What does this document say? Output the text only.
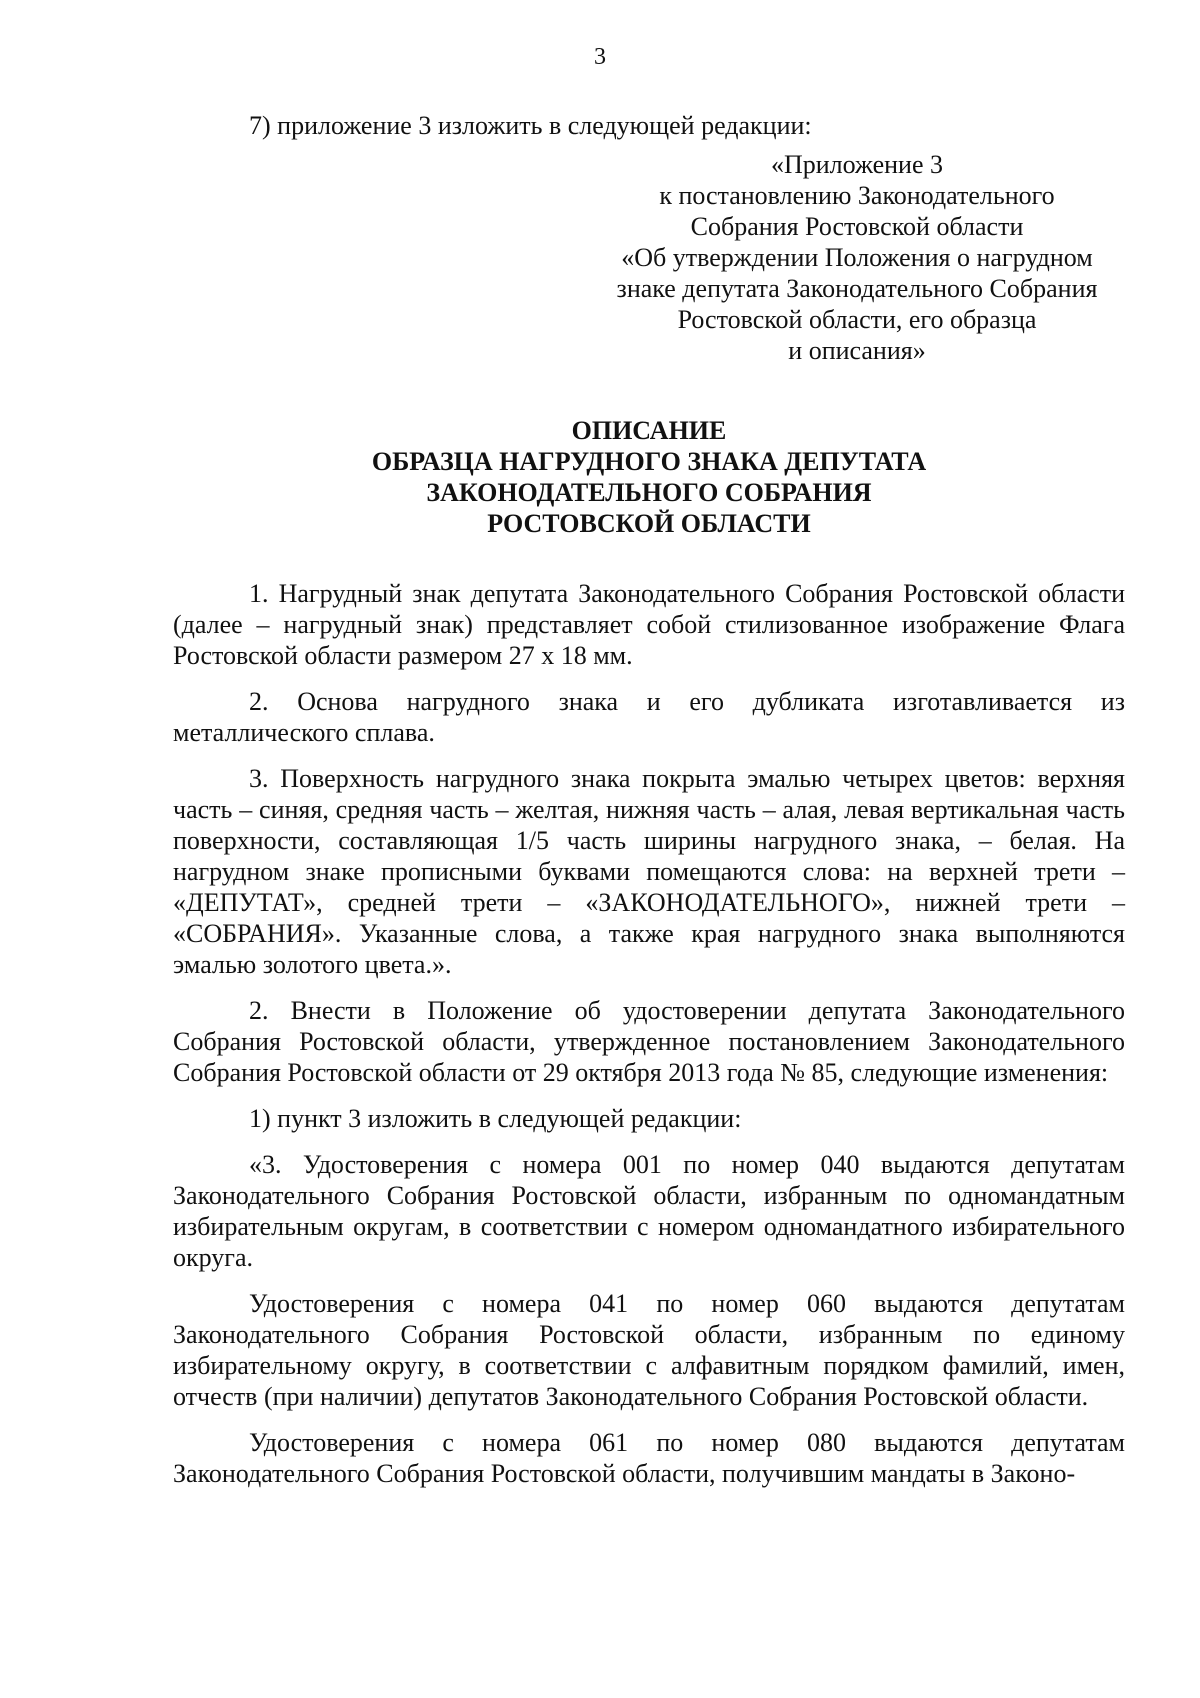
3

7) приложение 3 изложить в следующей редакции:

«Приложение 3
к постановлению Законодательного
Собрания Ростовской области
«Об утверждении Положения о нагрудном
знаке депутата Законодательного Собрания
Ростовской области, его образца
и описания»
ОПИСАНИЕ
ОБРАЗЦА НАГРУДНОГО ЗНАКА ДЕПУТАТА
ЗАКОНОДАТЕЛЬНОГО СОБРАНИЯ
РОСТОВСКОЙ ОБЛАСТИ

1. Нагрудный знак депутата Законодательного Собрания Ростовской области (далее – нагрудный знак) представляет собой стилизованное изображение Флага Ростовской области размером 27 х 18 мм.

2. Основа нагрудного знака и его дубликата изготавливается из металлического сплава.

3. Поверхность нагрудного знака покрыта эмалью четырех цветов: верхняя часть – синяя, средняя часть – желтая, нижняя часть – алая, левая вертикальная часть поверхности, составляющая 1/5 часть ширины нагрудного знака, – белая. На нагрудном знаке прописными буквами помещаются слова: на верхней трети – «ДЕПУТАТ», средней трети – «ЗАКОНОДАТЕЛЬНОГО», нижней трети – «СОБРАНИЯ». Указанные слова, а также края нагрудного знака выполняются эмалью золотого цвета.».

2. Внести в Положение об удостоверении депутата Законодательного Собрания Ростовской области, утвержденное постановлением Законодательного Собрания Ростовской области от 29 октября 2013 года № 85, следующие изменения:

1) пункт 3 изложить в следующей редакции:

«3. Удостоверения с номера 001 по номер 040 выдаются депутатам Законодательного Собрания Ростовской области, избранным по одномандатным избирательным округам, в соответствии с номером одномандатного избирательного округа.

Удостоверения с номера 041 по номер 060 выдаются депутатам Законодательного Собрания Ростовской области, избранным по единому избирательному округу, в соответствии с алфавитным порядком фамилий, имен, отчеств (при наличии) депутатов Законодательного Собрания Ростовской области.

Удостоверения с номера 061 по номер 080 выдаются депутатам Законодательного Собрания Ростовской области, получившим мандаты в Законо-
